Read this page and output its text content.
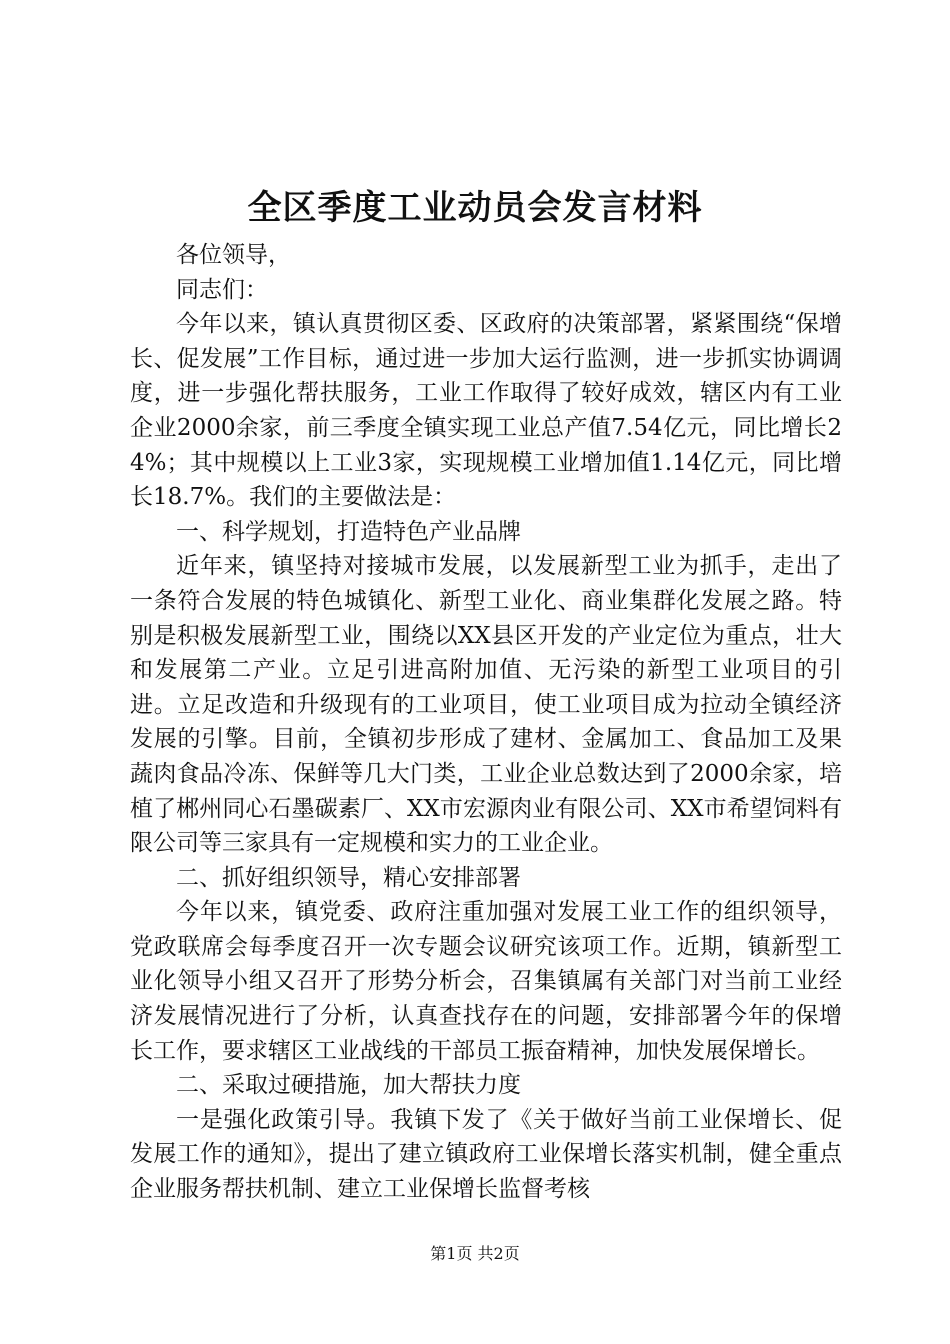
全区季度工业动员会发言材料

各位领导，

同志们：

今年以来，镇认真贯彻区委、区政府的决策部署，紧紧围绕“保增长、促发展”工作目标，通过进一步加大运行监测，进一步抓实协调调度，进一步强化帮扶服务，工业工作取得了较好成效，辖区内有工业企业2000余家，前三季度全镇实现工业总产值7.54亿元，同比增长24%；其中规模以上工业3家，实现规模工业增加值1.14亿元，同比增长18.7%。我们的主要做法是：

一、科学规划，打造特色产业品牌

近年来，镇坚持对接城市发展，以发展新型工业为抓手，走出了一条符合发展的特色城镇化、新型工业化、商业集群化发展之路。特别是积极发展新型工业，围绕以XX县区开发的产业定位为重点，壮大和发展第二产业。立足引进高附加值、无污染的新型工业项目的引进。立足改造和升级现有的工业项目，使工业项目成为拉动全镇经济发展的引擎。目前，全镇初步形成了建材、金属加工、食品加工及果蔬肉食品冷冻、保鲜等几大门类，工业企业总数达到了2000余家，培植了郴州同心石墨碳素厂、XX市宏源肉业有限公司、XX市希望饲料有限公司等三家具有一定规模和实力的工业企业。

二、抓好组织领导，精心安排部署

今年以来，镇党委、政府注重加强对发展工业工作的组织领导，党政联席会每季度召开一次专题会议研究该项工作。近期，镇新型工业化领导小组又召开了形势分析会，召集镇属有关部门对当前工业经济发展情况进行了分析，认真查找存在的问题，安排部署今年的保增长工作，要求辖区工业战线的干部员工振奋精神，加快发展保增长。

二、采取过硬措施，加大帮扶力度

一是强化政策引导。我镇下发了《关于做好当前工业保增长、促发展工作的通知》，提出了建立镇政府工业保增长落实机制，健全重点企业服务帮扶机制、建立工业保增长监督考核

第1页 共2页
